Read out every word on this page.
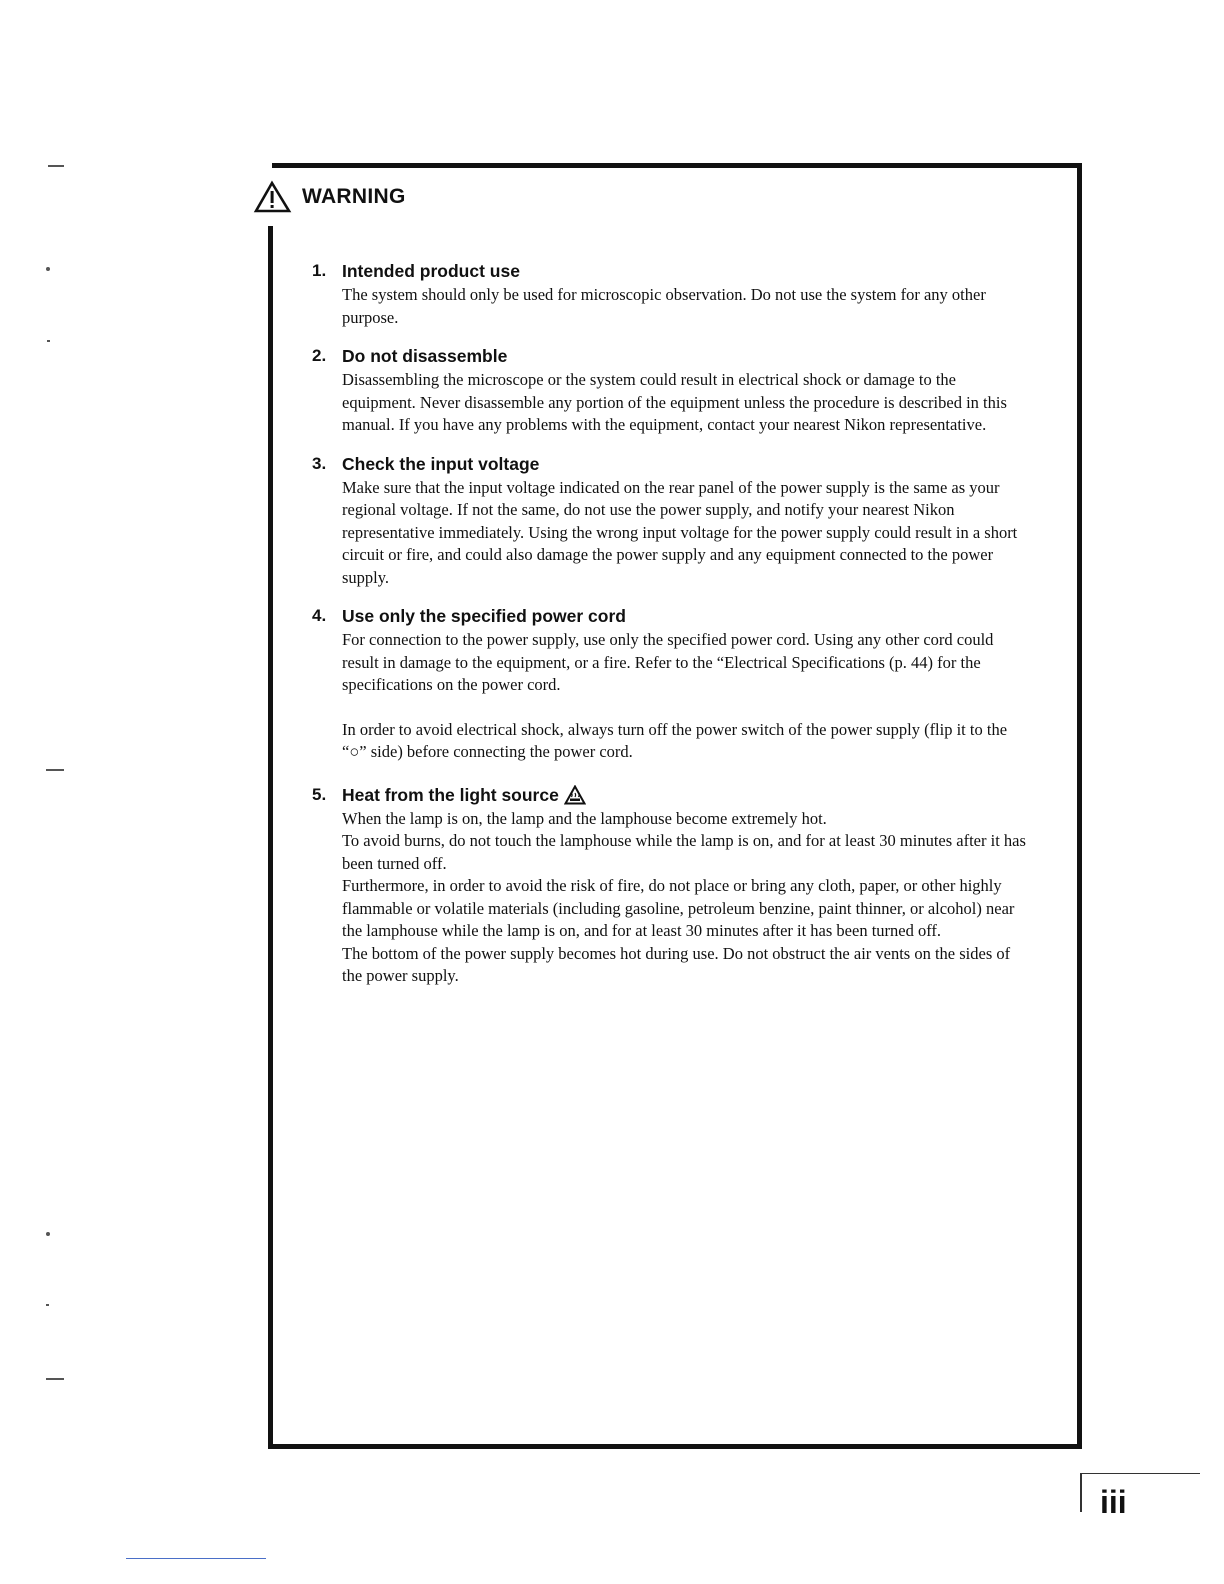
WARNING
1. Intended product use

The system should only be used for microscopic observation. Do not use the system for any other purpose.

2. Do not disassemble

Disassembling the microscope or the system could result in electrical shock or damage to the equipment. Never disassemble any portion of the equipment unless the procedure is described in this manual. If you have any problems with the equipment, contact your nearest Nikon representative.

3. Check the input voltage

Make sure that the input voltage indicated on the rear panel of the power supply is the same as your regional voltage. If not the same, do not use the power supply, and notify your nearest Nikon representative immediately. Using the wrong input voltage for the power supply could result in a short circuit or fire, and could also damage the power supply and any equipment connected to the power supply.

4. Use only the specified power cord

For connection to the power supply, use only the specified power cord. Using any other cord could result in damage to the equipment, or a fire. Refer to the “Electrical Specifications (p. 44) for the specifications on the power cord.

In order to avoid electrical shock, always turn off the power switch of the power supply (flip it to the “○” side) before connecting the power cord.

5. Heat from the light source

When the lamp is on, the lamp and the lamphouse become extremely hot.

To avoid burns, do not touch the lamphouse while the lamp is on, and for at least 30 minutes after it has been turned off.

Furthermore, in order to avoid the risk of fire, do not place or bring any cloth, paper, or other highly flammable or volatile materials (including gasoline, petroleum benzine, paint thinner, or alcohol) near the lamphouse while the lamp is on, and for at least 30 minutes after it has been turned off.

The bottom of the power supply becomes hot during use. Do not obstruct the air vents on the sides of the power supply.

iii
